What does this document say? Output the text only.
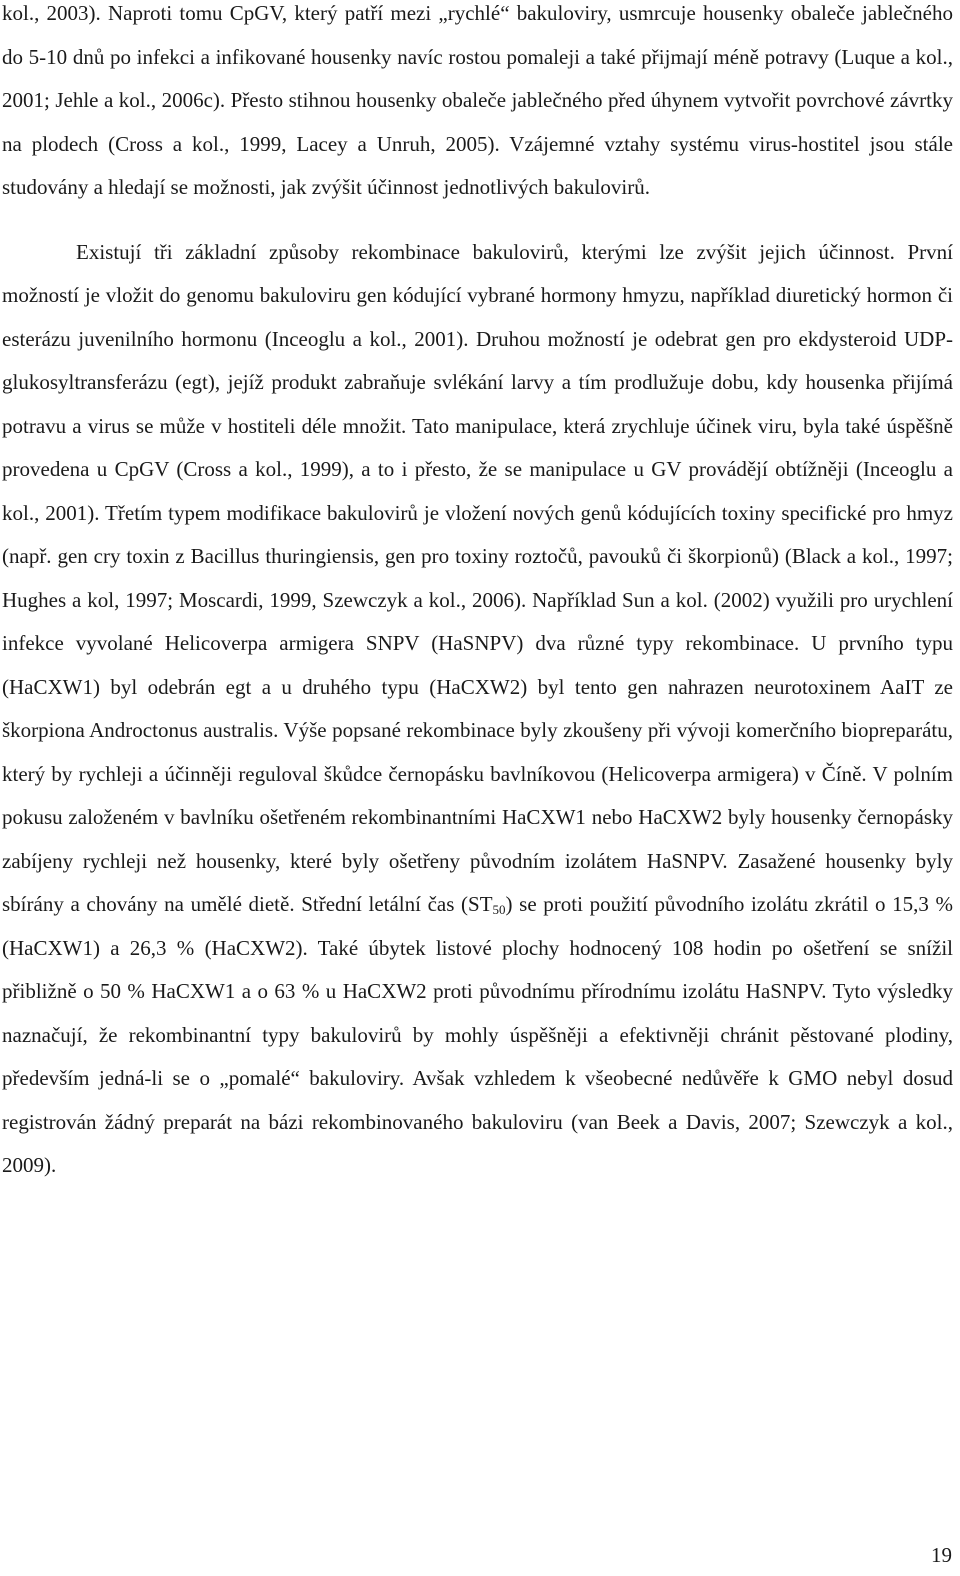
kol., 2003). Naproti tomu CpGV, který patří mezi „rychlé“ bakuloviry, usmrcuje housenky obaleče jablečného do 5-10 dnů po infekci a infikované housenky navíc rostou pomaleji a také přijmají méně potravy (Luque a kol., 2001; Jehle a kol., 2006c). Přesto stihnou housenky obaleče jablečného před úhynem vytvořit povrchové závrtky na plodech (Cross a kol., 1999, Lacey a Unruh, 2005). Vzájemné vztahy systému virus-hostitel jsou stále studovány a hledají se možnosti, jak zvýšit účinnost jednotlivých bakulovirů.

Existují tři základní způsoby rekombinace bakulovirů, kterými lze zvýšit jejich účinnost. První možností je vložit do genomu bakuloviru gen kódující vybrané hormony hmyzu, například diuretický hormon či esterázu juvenilního hormonu (Inceoglu a kol., 2001). Druhou možností je odebrat gen pro ekdysteroid UDP- glukosyltransferázu (egt), jejíž produkt zabraňuje svlékání larvy a tím prodlužuje dobu, kdy housenka přijímá potravu a virus se může v hostiteli déle množit. Tato manipulace, která zrychluje účinek viru, byla také úspěšně provedena u CpGV (Cross a kol., 1999), a to i přesto, že se manipulace u GV provádějí obtížněji (Inceoglu a kol., 2001). Třetím typem modifikace bakulovirů je vložení nových genů kódujících toxiny specifické pro hmyz (např. gen cry toxin z Bacillus thuringiensis, gen pro toxiny roztočů, pavouků či škorpionů) (Black a kol., 1997; Hughes a kol, 1997; Moscardi, 1999, Szewczyk a kol., 2006). Například Sun a kol. (2002) využili pro urychlení infekce vyvolané Helicoverpa armigera SNPV (HaSNPV) dva různé typy rekombinace. U prvního typu (HaCXW1) byl odebrán egt a u druhého typu (HaCXW2) byl tento gen nahrazen neurotoxinem AaIT ze škorpiona Androctonus australis. Výše popsané rekombinace byly zkoušeny při vývoji komerčního biopreparátu, který by rychleji a účinněji reguloval škůdce černopásku bavlníkovou (Helicoverpa armigera) v Číně. V polním pokusu založeném v bavlníku ošetřeném rekombinantními HaCXW1 nebo HaCXW2 byly housenky černopásky zabíjeny rychleji než housenky, které byly ošetřeny původním izolátem HaSNPV. Zasažené housenky byly sbírány a chovány na umělé dietě. Střední letální čas $(ST_{50})$ se proti použití původního izolátu zkrátil o 15,3 % (HaCXW1) a 26,3 % (HaCXW2). Také úbytek listové plochy hodnocený 108 hodin po ošetření se snížil přibližně o 50 % HaCXW1 a o 63 % u HaCXW2 proti původnímu přírodnímu izolátu HaSNPV. Tyto výsledky naznačují, že rekombinantní typy bakulovirů by mohly úspěšněji a efektivněji chránit pěstované plodiny, především jedná-li se o „pomalé“ bakuloviry. Avšak vzhledem k všeobecné nedůvěře k GMO nebyl dosud registrován žádný preparát na bázi rekombinovaného bakuloviru (van Beek a Davis, 2007; Szewczyk a kol., 2009).

19
